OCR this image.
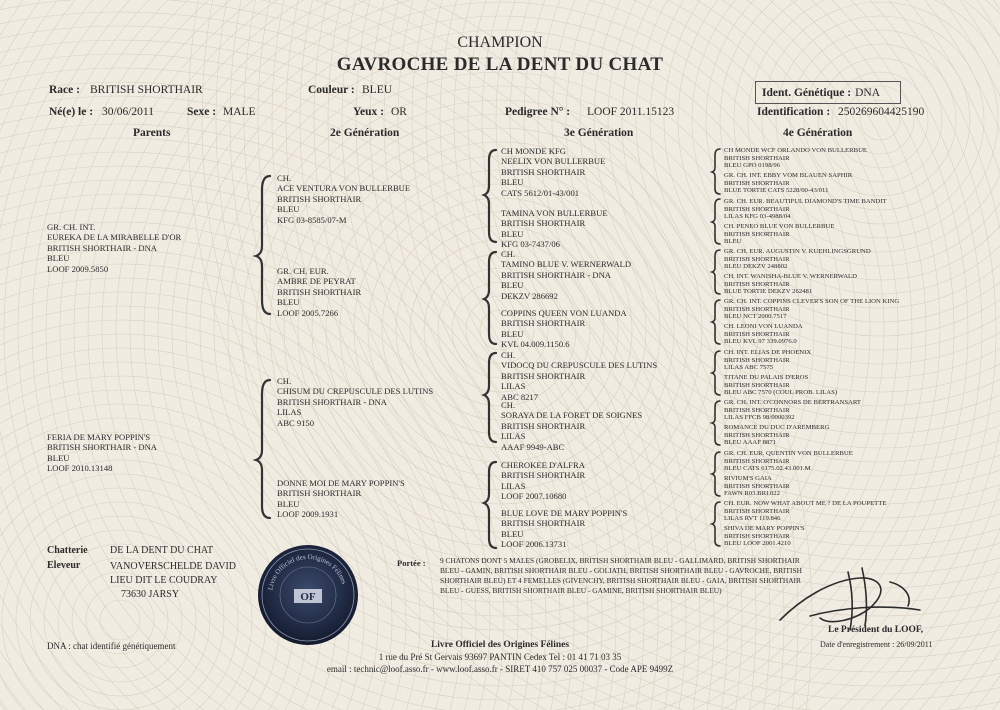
CHAMPION
GAVROCHE DE LA DENT DU CHAT
Race : BRITISH SHORTHAIR	Couleur : BLEU	Ident. Génétique : DNA
Né(e) le : 30/06/2011	Sexe : MALE	Yeux : OR	Pedigree N° : LOOF 2011.15123	Identification : 250269604425190
Parents	2e Génération	3e Génération	4e Génération
GR. CH. INT.
EUREKA DE LA MIRABELLE D'OR
BRITISH SHORTHAIR - DNA
BLEU
LOOF 2009.5850
FERIA DE MARY POPPIN'S
BRITISH SHORTHAIR - DNA
BLEU
LOOF 2010.13148
CH.
ACE VENTURA VON BULLERBUE
BRITISH SHORTHAIR
BLEU
KFG 03-8585/07-M
GR. CH. EUR.
AMBRE DE PEYRAT
BRITISH SHORTHAIR
BLEU
LOOF 2005.7266
CH.
CHISUM DU CREPUSCULE DES LUTINS
BRITISH SHORTHAIR - DNA
LILAS
ABC 9150
DONNE MOI DE MARY POPPIN'S
BRITISH SHORTHAIR
BLEU
LOOF 2009.1931
CH MONDE KFG
NEELIX VON BULLERBUE
BRITISH SHORTHAIR
BLEU
CATS 5612/01-43/001
TAMINA VON BULLERBUE
BRITISH SHORTHAIR
BLEU
KFG 03-7437/06
CH.
TAMINO BLUE V. WERNERWALD
BRITISH SHORTHAIR - DNA
BLEU
DEKZV 286692
COPPINS QUEEN VON LUANDA
BRITISH SHORTHAIR
BLEU
KVL 04.009.1150.6
CH.
VIDOCQ DU CREPUSCULE DES LUTINS
BRITISH SHORTHAIR
LILAS
ABC 8217
CH.
SORAYA DE LA FORET DE SOIGNES
BRITISH SHORTHAIR
LILAS
AAAF 9949-ABC
CHEROKEE D'ALFRA
BRITISH SHORTHAIR
LILAS
LOOF 2007.10680
BLUE LOVE DE MARY POPPIN'S
BRITISH SHORTHAIR
BLEU
LOOF 2006.13731
CH MONDE WCF ORLANDO VON BULLERBUE
BRITISH SHORTHAIR
BLEU GPO 0198/96
GR. CH. INT. EBBY VOM BLAUEN SAPHIR
BRITISH SHORTHAIR
BLUE TORTIE CATS 5228/00-43/011
GR. CH. EUR. BEAUTIFUL DIAMOND'S TIME BANDIT
BRITISH SHORTHAIR
LILAS KFG 03-4988/04
CH. PENEO BLUE VON BULLERBUE
BRITISH SHORTHAIR
BLEU
GR. CH. EUR. AUGUSTIN V. KUEHLINGSGRUND
BRITISH SHORTHAIR
BLEU DEKZV 248802
CH. INT. WANISHA-BLUE V. WERNERWALD
BRITISH SHORTHAIR
BLUE TORTIE DEKZV 262481
GR. CH. INT. COPPINS CLEVER'S SON OF THE LION KING
BRITISH SHORTHAIR
BLEU NCT 2000.7517
CH. LEONI VON LUANDA
BRITISH SHORTHAIR
BLEU KVL 97 339.0976.0
CH. INT. ELIAS DE PHOENIX
BRITISH SHORTHAIR
LILAS ABC 7575
TITANE DU PALAIS D'EROS
BRITISH SHORTHAIR
BLEU ABC 7570 (COUL PROB. LILAS)
GR. CH. INT. O'CONNORS DE BERTRANSART
BRITISH SHORTHAIR
LILAS FFCB 98/0000392
ROMANCE DU DUC D'AREMBERG
BRITISH SHORTHAIR
BLEU AAAF 8871
GR. CH. EUR. QUENTIN VON BULLERBUE
BRITISH SHORTHAIR
BLEU CATS 6175.02.43.001.M
RIVIUM'S GAIA
BRITISH SHORTHAIR
FAWN R03.BRI.022
CH. EUR. NOW WHAT ABOUT ME ? DE LA POUPETTE
BRITISH SHORTHAIR
LILAS RVT 119.846
SHIVA DE MARY POPPIN'S
BRITISH SHORTHAIR
BLEU LOOF 2001.4210
Chatterie DE LA DENT DU CHAT
Eleveur	VANOVERSCHELDE DAVID
LIEU DIT LE COUDRAY
73630 JARSY
Livre Officiel des Origines Félines
OF
Portée : 9 CHATONS DONT 5 MALES (GROBELIX, BRITISH SHORTHAIR BLEU - GALLIMARD, BRITISH SHORTHAIR BLEU - GAMIN, BRITISH SHORTHAIR BLEU - GOLIATH, BRITISH SHORTHAIR BLEU - GAVROCHE, BRITISH SHORTHAIR BLEU) ET 4 FEMELLES (GIVENCHY, BRITISH SHORTHAIR BLEU - GAIA, BRITISH SHORTHAIR BLEU - GUESS, BRITISH SHORTHAIR BLEU - GAMINE, BRITISH SHORTHAIR BLEU)
Le Président du LOOF,
Date d'enregistrement : 26/09/2011
DNA : chat identifié génétiquement	Livre Officiel des Origines Félines
1 rue du Pré St Gervais 93697 PANTIN Cedex Tel : 01 41 71 03 35
email : technic@loof.asso.fr - www.loof.asso.fr - SIRET 410 757 025 00037 - Code APE 9499Z
